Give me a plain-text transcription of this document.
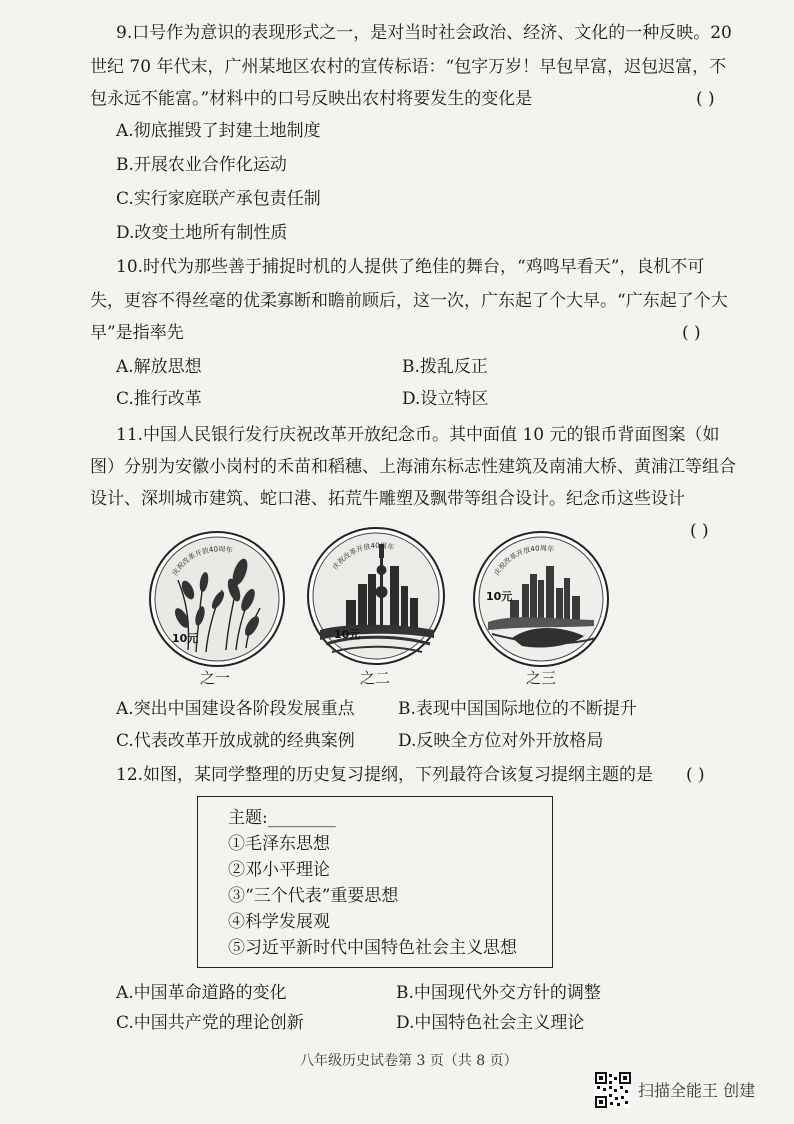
9.口号作为意识的表现形式之一，是对当时社会政治、经济、文化的一种反映。20
世纪 70 年代末，广州某地区农村的宣传标语：“包字万岁！早包早富，迟包迟富，不
包永远不能富。”材料中的口号反映出农村将要发生的变化是	( )
A.彻底摧毁了封建土地制度
B.开展农业合作化运动
C.实行家庭联产承包责任制
D.改变土地所有制性质
10.时代为那些善于捕捉时机的人提供了绝佳的舞台，“鸡鸣早看天”，良机不可
失，更容不得丝毫的优柔寡断和瞻前顾后，这一次，广东起了个大早。“广东起了个大
早”是指率先	( )
A.解放思想	B.拨乱反正
C.推行改革	D.设立特区
11.中国人民银行发行庆祝改革开放纪念币。其中面值 10 元的银币背面图案（如
图）分别为安徽小岗村的禾苗和稻穗、上海浦东标志性建筑及南浦大桥、黄浦江等组合
设计、深圳城市建筑、蛇口港、拓荒牛雕塑及飘带等组合设计。纪念币这些设计
( )
庆祝改革开放40周年
10元
之一
庆祝改革开放40周年
10元
之二
庆祝改革开放40周年
10元
之三
A.突出中国建设各阶段发展重点	B.表现中国国际地位的不断提升
C.代表改革开放成就的经典案例	D.反映全方位对外开放格局
12.如图，某同学整理的历史复习提纲，下列最符合该复习提纲主题的是	( )
主题:________
①毛泽东思想
②邓小平理论
③“三个代表”重要思想
④科学发展观
⑤习近平新时代中国特色社会主义思想
A.中国革命道路的变化	B.中国现代外交方针的调整
C.中国共产党的理论创新	D.中国特色社会主义理论
八年级历史试卷第 3 页（共 8 页）
扫描全能王 创建
